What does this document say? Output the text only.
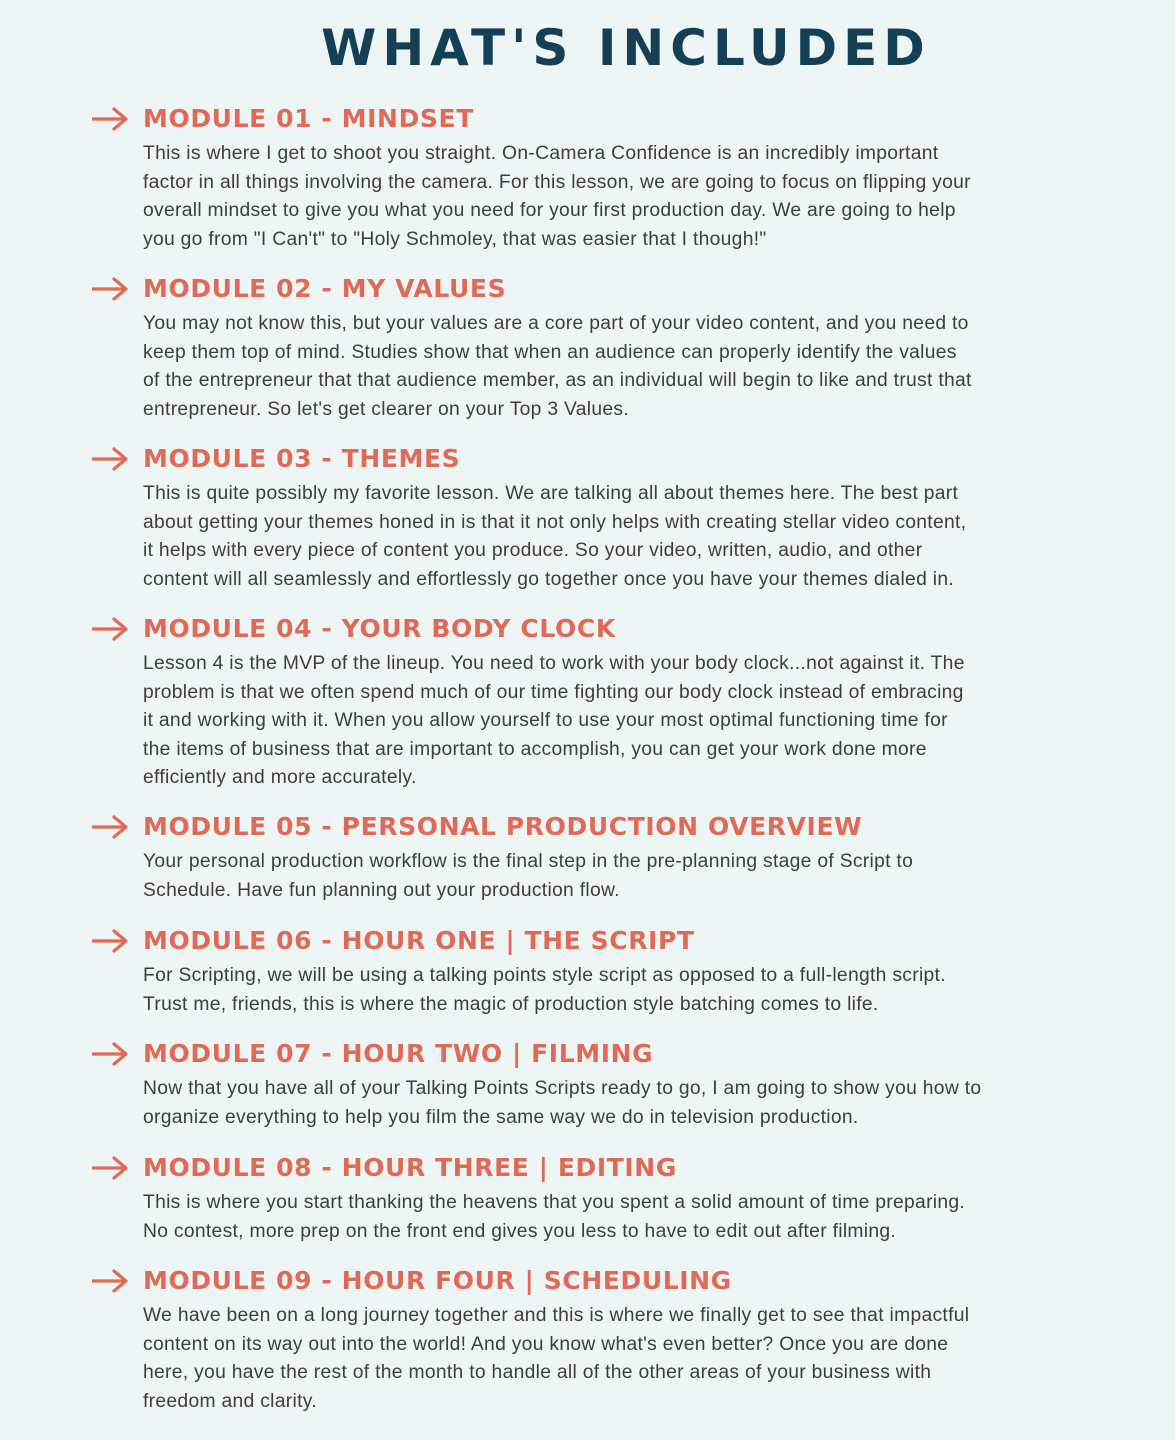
WHAT'S INCLUDED
MODULE 01 - MINDSET

This is where I get to shoot you straight. On-Camera Confidence is an incredibly important
factor in all things involving the camera. For this lesson, we are going to focus on flipping your
overall mindset to give you what you need for your first production day. We are going to help
you go from "I Can't" to "Holy Schmoley, that was easier that I though!"

MODULE 02 - MY VALUES

You may not know this, but your values are a core part of your video content, and you need to
keep them top of mind. Studies show that when an audience can properly identify the values
of the entrepreneur that that audience member, as an individual will begin to like and trust that
entrepreneur. So let's get clearer on your Top 3 Values.

MODULE 03 - THEMES

This is quite possibly my favorite lesson. We are talking all about themes here. The best part
about getting your themes honed in is that it not only helps with creating stellar video content,
it helps with every piece of content you produce. So your video, written, audio, and other
content will all seamlessly and effortlessly go together once you have your themes dialed in.

MODULE 04 - YOUR BODY CLOCK

Lesson 4 is the MVP of the lineup. You need to work with your body clock...not against it. The
problem is that we often spend much of our time fighting our body clock instead of embracing
it and working with it. When you allow yourself to use your most optimal functioning time for
the items of business that are important to accomplish, you can get your work done more
efficiently and more accurately.

MODULE 05 - PERSONAL PRODUCTION OVERVIEW

Your personal production workflow is the final step in the pre-planning stage of Script to
Schedule. Have fun planning out your production flow.

MODULE 06 - HOUR ONE | THE SCRIPT

For Scripting, we will be using a talking points style script as opposed to a full-length script.
Trust me, friends, this is where the magic of production style batching comes to life.

MODULE 07 - HOUR TWO | FILMING

Now that you have all of your Talking Points Scripts ready to go, I am going to show you how to
organize everything to help you film the same way we do in television production.

MODULE 08 - HOUR THREE | EDITING

This is where you start thanking the heavens that you spent a solid amount of time preparing.
No contest, more prep on the front end gives you less to have to edit out after filming.

MODULE 09 - HOUR FOUR | SCHEDULING

We have been on a long journey together and this is where we finally get to see that impactful
content on its way out into the world! And you know what's even better? Once you are done
here, you have the rest of the month to handle all of the other areas of your business with
freedom and clarity.
